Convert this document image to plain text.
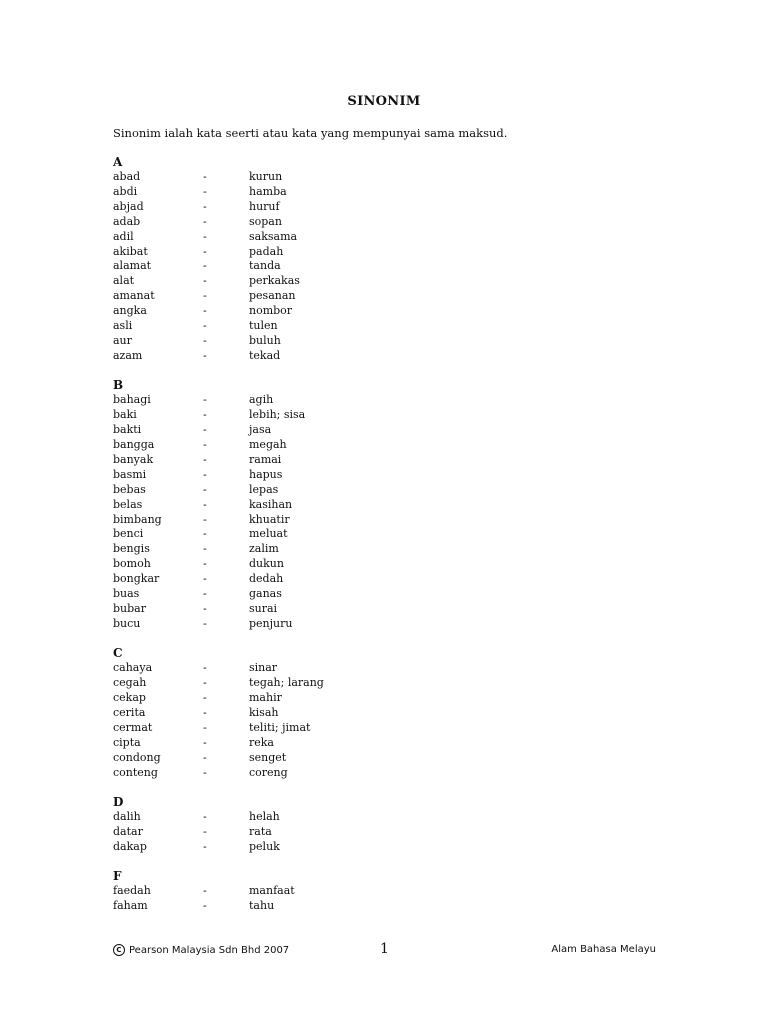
SINONIM
Sinonim ialah kata seerti atau kata yang mempunyai sama maksud.
A
abad	-	kurun
abdi	-	hamba
abjad	-	huruf
adab	-	sopan
adil	-	saksama
akibat	-	padah
alamat	-	tanda
alat	-	perkakas
amanat	-	pesanan
angka	-	nombor
asli	-	tulen
aur	-	buluh
azam	-	tekad
B
bahagi	-	agih
baki	-	lebih; sisa
bakti	-	jasa
bangga	-	megah
banyak	-	ramai
basmi	-	hapus
bebas	-	lepas
belas	-	kasihan
bimbang	-	khuatir
benci	-	meluat
bengis	-	zalim
bomoh	-	dukun
bongkar	-	dedah
buas	-	ganas
bubar	-	surai
bucu	-	penjuru
C
cahaya	-	sinar
cegah	-	tegah; larang
cekap	-	mahir
cerita	-	kisah
cermat	-	teliti; jimat
cipta	-	reka
condong	-	senget
conteng	-	coreng
D
dalih	-	helah
datar	-	rata
dakap	-	peluk
F
faedah	-	manfaat
faham	-	tahu
C Pearson Malaysia Sdn Bhd 2007	1	Alam Bahasa Melayu
